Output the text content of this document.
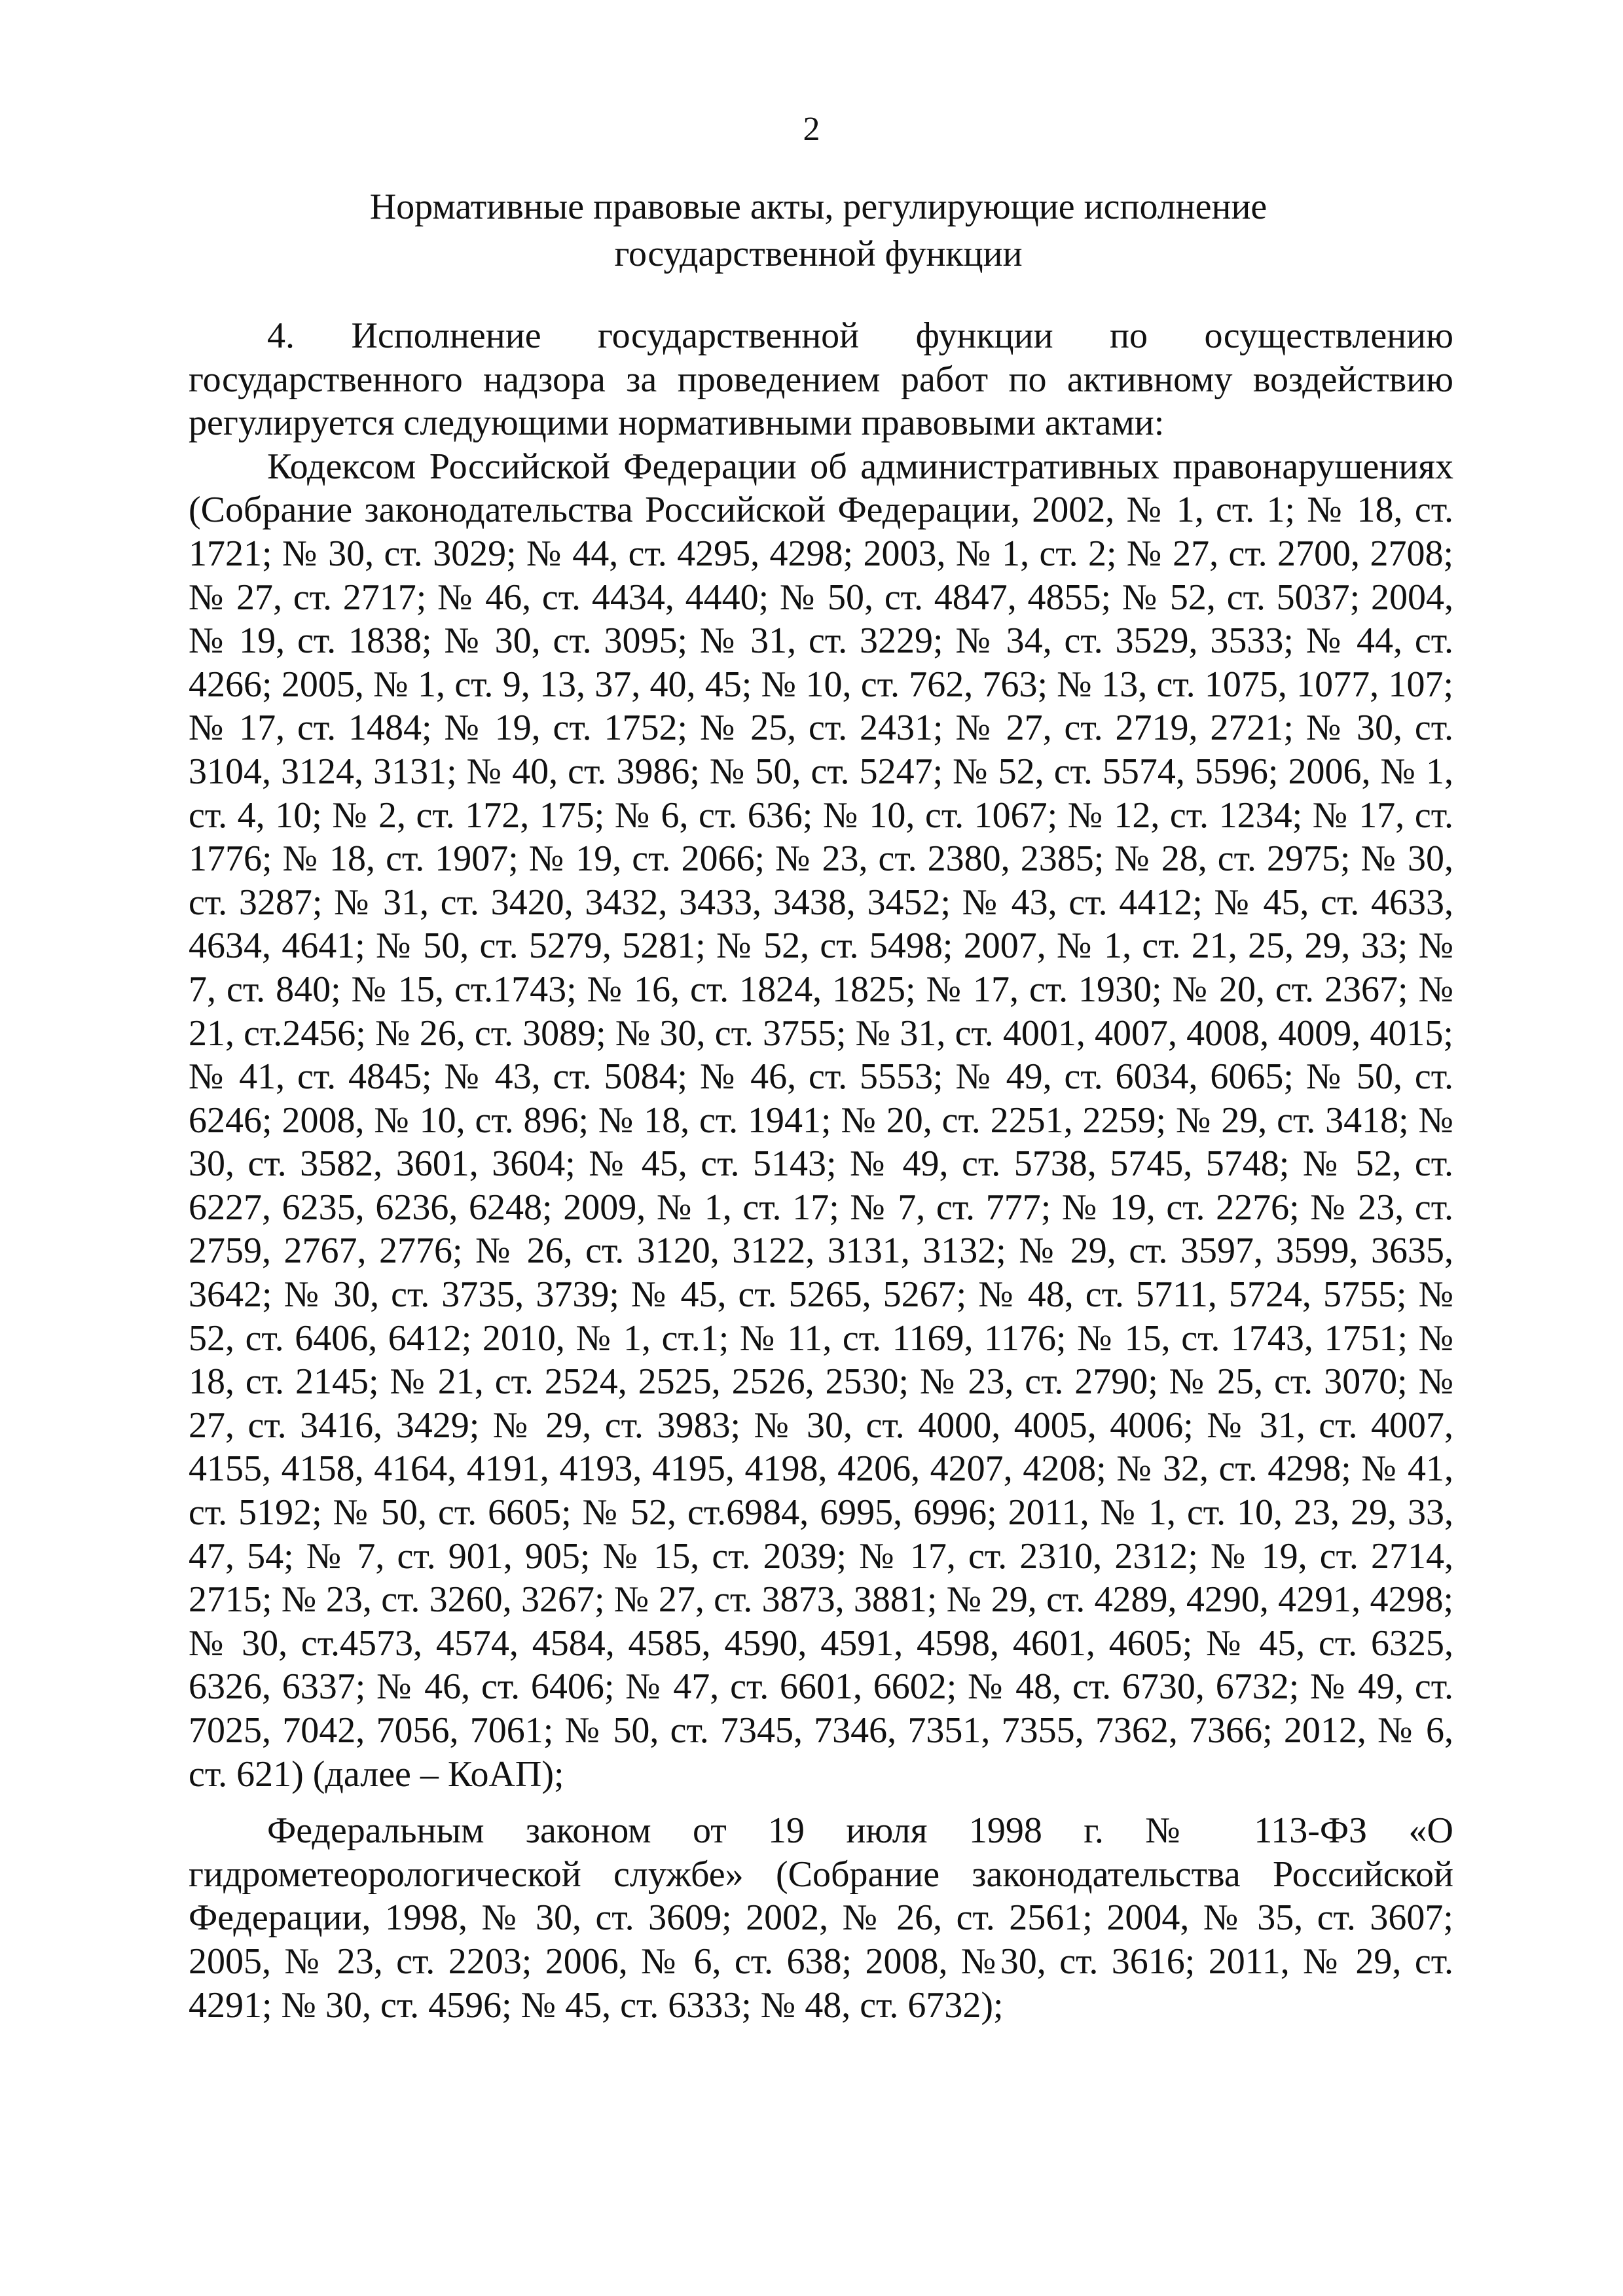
2
Нормативные правовые акты, регулирующие исполнение
государственной функции

4. Исполнение государственной функции по осуществлению государственного надзора за проведением работ по активному воздействию регулируется следующими нормативными правовыми актами:

Кодексом Российской Федерации об административных правонарушениях (Собрание законодательства Российской Федерации, 2002, № 1, ст. 1; № 18, ст. 1721; № 30, ст. 3029; № 44, ст. 4295, 4298; 2003, № 1, ст. 2; № 27, ст. 2700, 2708; № 27, ст. 2717; № 46, ст. 4434, 4440; № 50, ст. 4847, 4855; № 52, ст. 5037; 2004, № 19, ст. 1838; № 30, ст. 3095; № 31, ст. 3229; № 34, ст. 3529, 3533; № 44, ст. 4266; 2005, № 1, ст. 9, 13, 37, 40, 45; № 10, ст. 762, 763; № 13, ст. 1075, 1077, 107; № 17, ст. 1484; № 19, ст. 1752; № 25, ст. 2431; № 27, ст. 2719, 2721; № 30, ст. 3104, 3124, 3131; № 40, ст. 3986; № 50, ст. 5247; № 52, ст. 5574, 5596; 2006, № 1, ст. 4, 10; № 2, ст. 172, 175; № 6, ст. 636; № 10, ст. 1067; № 12, ст. 1234; № 17, ст. 1776; № 18, ст. 1907; № 19, ст. 2066; № 23, ст. 2380, 2385; № 28, ст. 2975; № 30, ст. 3287; № 31, ст. 3420, 3432, 3433, 3438, 3452; № 43, ст. 4412; № 45, ст. 4633, 4634, 4641; № 50, ст. 5279, 5281; № 52, ст. 5498; 2007, № 1, ст. 21, 25, 29, 33; № 7, ст. 840; № 15, ст.1743; № 16, ст. 1824, 1825; № 17, ст. 1930; № 20, ст. 2367; № 21, ст.2456; № 26, ст. 3089; № 30, ст. 3755; № 31, ст. 4001, 4007, 4008, 4009, 4015; № 41, ст. 4845; № 43, ст. 5084; № 46, ст. 5553; № 49, ст. 6034, 6065; № 50, ст. 6246; 2008, № 10, ст. 896; № 18, ст. 1941; № 20, ст. 2251, 2259; № 29, ст. 3418; № 30, ст. 3582, 3601, 3604; № 45, ст. 5143; № 49, ст. 5738, 5745, 5748; № 52, ст. 6227, 6235, 6236, 6248; 2009, № 1, ст. 17; № 7, ст. 777; № 19, ст. 2276; № 23, ст. 2759, 2767, 2776; № 26, ст. 3120, 3122, 3131, 3132; № 29, ст. 3597, 3599, 3635, 3642; № 30, ст. 3735, 3739; № 45, ст. 5265, 5267; № 48, ст. 5711, 5724, 5755; № 52, ст. 6406, 6412; 2010, № 1, ст.1; № 11, ст. 1169, 1176; № 15, ст. 1743, 1751; № 18, ст. 2145; № 21, ст. 2524, 2525, 2526, 2530; № 23, ст. 2790; № 25, ст. 3070; № 27, ст. 3416, 3429; № 29, ст. 3983; № 30, ст. 4000, 4005, 4006; № 31, ст. 4007, 4155, 4158, 4164, 4191, 4193, 4195, 4198, 4206, 4207, 4208; № 32, ст. 4298; № 41, ст. 5192; № 50, ст. 6605; № 52, ст.6984, 6995, 6996; 2011, № 1, ст. 10, 23, 29, 33, 47, 54; № 7, ст. 901, 905; № 15, ст. 2039; № 17, ст. 2310, 2312; № 19, ст. 2714, 2715; № 23, ст. 3260, 3267; № 27, ст. 3873, 3881; № 29, ст. 4289, 4290, 4291, 4298; № 30, ст.4573, 4574, 4584, 4585, 4590, 4591, 4598, 4601, 4605; № 45, ст. 6325, 6326, 6337; № 46, ст. 6406; № 47, ст. 6601, 6602; № 48, ст. 6730, 6732; № 49, ст. 7025, 7042, 7056, 7061; № 50, ст. 7345, 7346, 7351, 7355, 7362, 7366; 2012, № 6, ст. 621) (далее – КоАП);

Федеральным законом от 19 июля 1998 г. № 113-ФЗ «О гидрометеорологической службе» (Собрание законодательства Российской Федерации, 1998, № 30, ст. 3609; 2002, № 26, ст. 2561; 2004, № 35, ст. 3607; 2005, № 23, ст. 2203; 2006, № 6, ст. 638; 2008, №30, ст. 3616; 2011, № 29, ст. 4291; № 30, ст. 4596; № 45, ст. 6333; № 48, ст. 6732);
